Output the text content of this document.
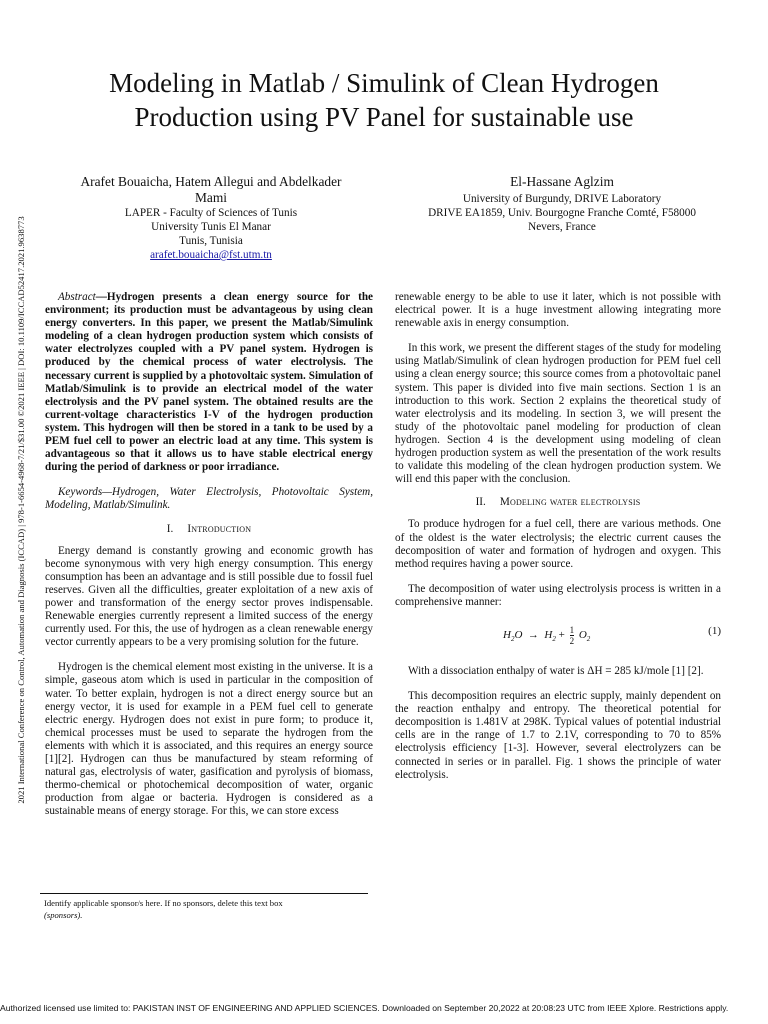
Modeling in Matlab / Simulink of Clean Hydrogen
Production using PV Panel for sustainable use
Arafet Bouaicha, Hatem Allegui and Abdelkader
Mami
LAPER - Faculty of Sciences of Tunis
University Tunis El Manar
Tunis, Tunisia
arafet.bouaicha@fst.utm.tn
El-Hassane Aglzim
University of Burgundy, DRIVE Laboratory
DRIVE EA1859, Univ. Bourgogne Franche Comté, F58000
Nevers, France
2021 International Conference on Control, Automation and Diagnosis (ICCAD) | 978-1-6654-4968-7/21/$31.00 ©2021 IEEE | DOI: 10.1109/ICCAD52417.2021.9638773	Abstract—Hydrogen presents a clean energy source for the environment; its production must be advantageous by using clean energy converters. In this paper, we present the Matlab/Simulink modeling of a clean hydrogen production system which consists of water electrolyzes coupled with a PV panel system. Hydrogen is produced by the chemical process of water electrolysis. The necessary current is supplied by a photovoltaic system. Simulation of Matlab/Simulink is to provide an electrical model of the water electrolysis and the PV panel system. The obtained results are the current-voltage characteristics I-V of the hydrogen production system. This hydrogen will then be stored in a tank to be used by a PEM fuel cell to power an electric load at any time. This system is advantageous so that it allows us to have stable electrical energy during the period of darkness or poor irradiance.

Keywords—Hydrogen, Water Electrolysis, Photovoltaic System, Modeling, Matlab/Simulink.

I. Introduction

Energy demand is constantly growing and economic growth has become synonymous with very high energy consumption. This energy consumption has been an advantage and is still possible due to fossil fuel reserves. Given all the difficulties, greater exploitation of a new axis of power and transformation of the energy sector proves indispensable. Renewable energies currently represent a limited success of the energy currently used. For this, the use of hydrogen as a clean renewable energy vector currently appears to be a very promising solution for the future.

Hydrogen is the chemical element most existing in the universe. It is a simple, gaseous atom which is used in particular in the composition of water. To better explain, hydrogen is not a direct energy source but an energy vector, it is used for example in a PEM fuel cell to generate electric energy. Hydrogen does not exist in pure form; to produce it, chemical processes must be used to separate the hydrogen from the elements with which it is associated, and this requires an energy source [1][2]. Hydrogen can thus be manufactured by steam reforming of natural gas, electrolysis of water, gasification and pyrolysis of biomass, thermo-chemical or photochemical decomposition of water, organic production from algae or bacteria. Hydrogen is considered as a sustainable means of energy storage. For this, we can store excess

renewable energy to be able to use it later, which is not possible with electrical power. It is a huge investment allowing integrating more renewable axis in energy consumption.

In this work, we present the different stages of the study for modeling using Matlab/Simulink of clean hydrogen production for PEM fuel cell using a clean energy source; this source comes from a photovoltaic panel system. This paper is divided into five main sections. Section 1 is an introduction to this work. Section 2 explains the theoretical study of water electrolysis and its modeling. In section 3, we will present the study of the photovoltaic panel modeling for production of clean hydrogen. Section 4 is the development using modeling of clean hydrogen production system as well the presentation of the work results to validate this modeling of the clean hydrogen production system. We will end this paper with the conclusion.

II. Modeling water electrolysis

To produce hydrogen for a fuel cell, there are various methods. One of the oldest is the water electrolysis; the electric current causes the decomposition of water and formation of hydrogen and oxygen. This method requires having a power source.

The decomposition of water using electrolysis process is written in a comprehensive manner:

$H_2O \to H_2 + \frac{1}{2} O_2$
(1)

With a dissociation enthalpy of water is ΔH = 285 kJ/mole [1] [2].

This decomposition requires an electric supply, mainly dependent on the reaction enthalpy and entropy. The theoretical potential for decomposition is 1.481V at 298K. Typical values of potential industrial cells are in the range of 1.7 to 2.1V, corresponding to 70 to 85% electrolysis efficiency [1-3]. However, several electrolyzers can be connected in series or in parallel. Fig. 1 shows the principle of water electrolysis.

Identify applicable sponsor/s here. If no sponsors, delete this text box
(sponsors).
Authorized licensed use limited to: PAKISTAN INST OF ENGINEERING AND APPLIED SCIENCES. Downloaded on September 20,2022 at 20:08:23 UTC from IEEE Xplore. Restrictions apply.
